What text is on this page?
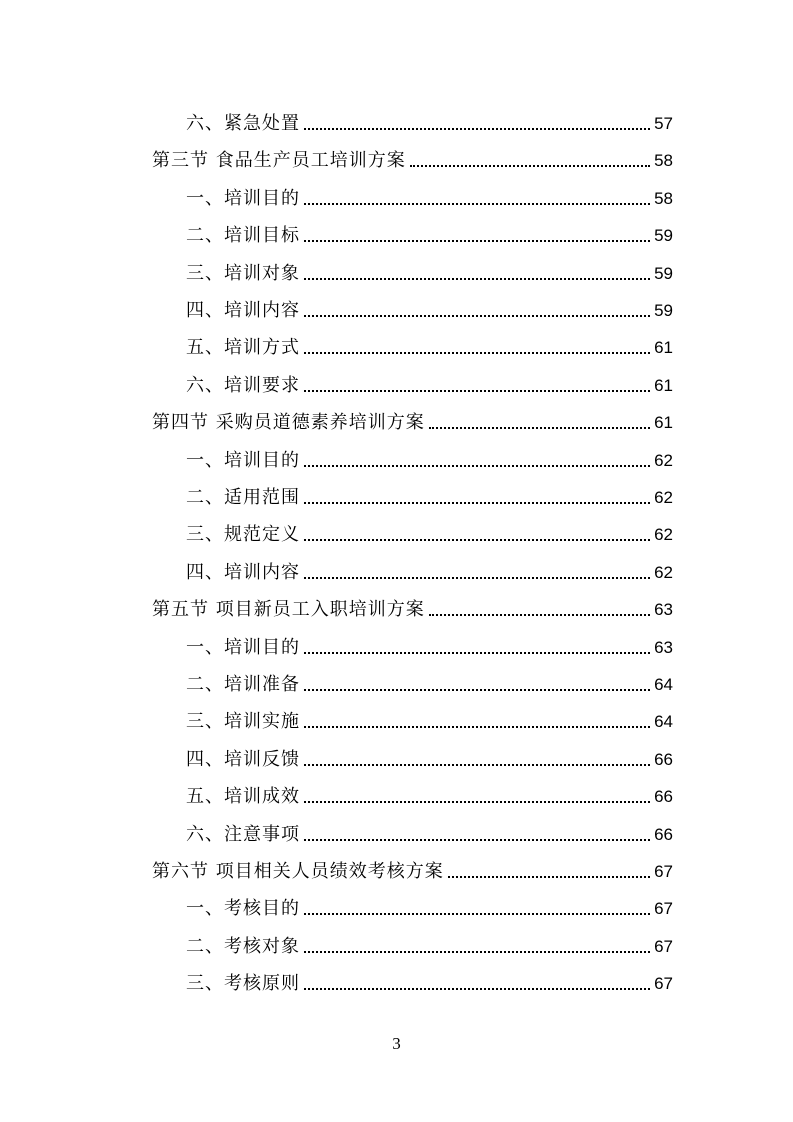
六、紧急处置	57
第三节 食品生产员工培训方案	58
一、培训目的	58
二、培训目标	59
三、培训对象	59
四、培训内容	59
五、培训方式	61
六、培训要求	61
第四节 采购员道德素养培训方案	61
一、培训目的	62
二、适用范围	62
三、规范定义	62
四、培训内容	62
第五节 项目新员工入职培训方案	63
一、培训目的	63
二、培训准备	64
三、培训实施	64
四、培训反馈	66
五、培训成效	66
六、注意事项	66
第六节 项目相关人员绩效考核方案	67
一、考核目的	67
二、考核对象	67
三、考核原则	67
3
